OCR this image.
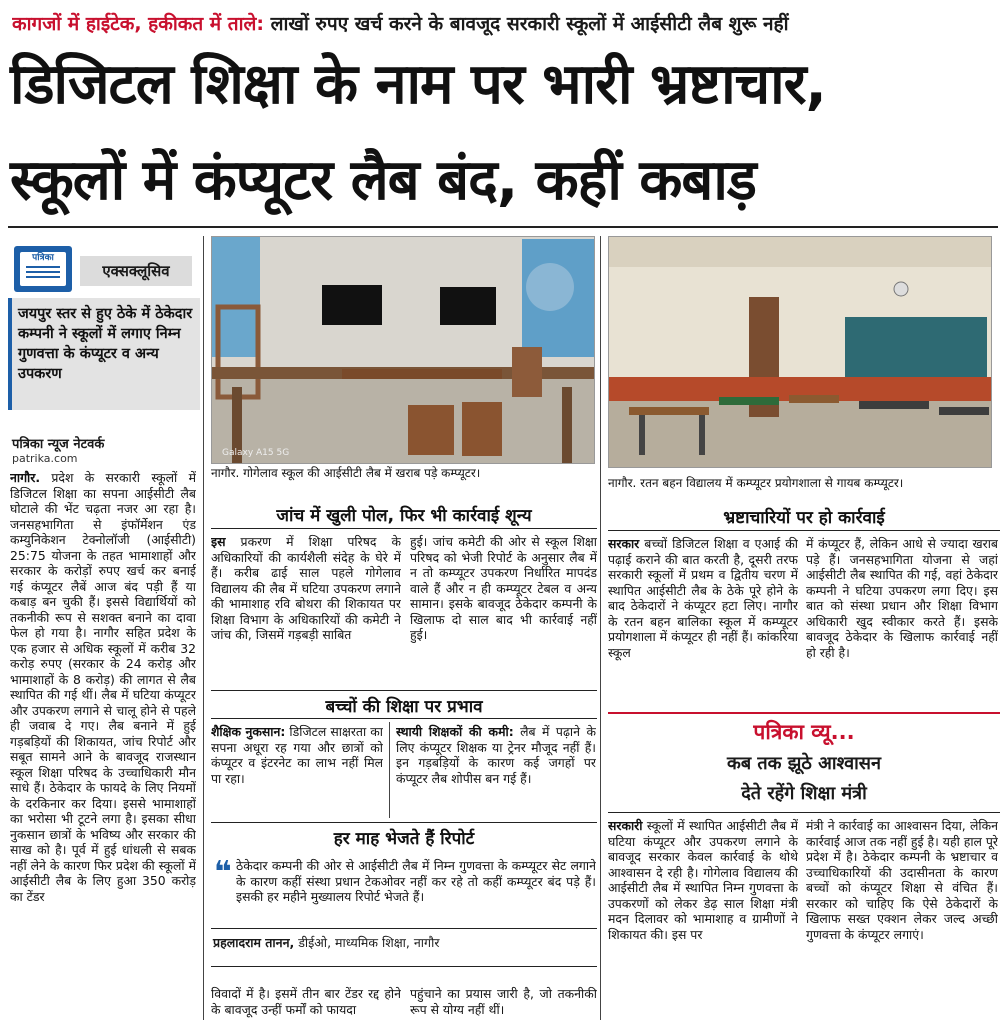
कागजों में हाईटेक, हकीकत में ताले: लाखों रुपए खर्च करने के बावजूद सरकारी स्कूलों में आईसीटी लैब शुरू नहीं
डिजिटल शिक्षा के नाम पर भारी भ्रष्टाचार,
स्कूलों में कंप्यूटर लैब बंद, कहीं कबाड़
पत्रिका
एक्सक्लूसिव
जयपुर स्तर से हुए ठेके में ठेकेदार कम्पनी ने स्कूलों में लगाए निम्न गुणवत्ता के कंप्यूटर व अन्य उपकरण
पत्रिका न्यूज नेटवर्क
patrika.com
नागौर. प्रदेश के सरकारी स्कूलों में डिजिटल शिक्षा का सपना आईसीटी लैब घोटाले की भेंट चढ़ता नजर आ रहा है। जनसहभागिता से इंफॉर्मेशन एंड कम्युनिकेशन टेक्नोलॉजी (आईसीटी) 25:75 योजना के तहत भामाशाहों और सरकार के करोड़ों रुपए खर्च कर बनाई गई कंप्यूटर लैबें आज बंद पड़ी हैं या कबाड़ बन चुकी हैं। इससे विद्यार्थियों को तकनीकी रूप से सशक्त बनाने का दावा फेल हो गया है। नागौर सहित प्रदेश के एक हजार से अधिक स्कूलों में करीब 32 करोड़ रुपए (सरकार के 24 करोड़ और भामाशाहों के 8 करोड़) की लागत से लैब स्थापित की गई थीं। लैब में घटिया कंप्यूटर और उपकरण लगाने से चालू होने से पहले ही जवाब दे गए। लैब बनाने में हुई गड़बड़ियों की शिकायत, जांच रिपोर्ट और सबूत सामने आने के बावजूद राजस्थान स्कूल शिक्षा परिषद के उच्चाधिकारी मौन साधे हैं। ठेकेदार के फायदे के लिए नियमों के दरकिनार कर दिया। इससे भामाशाहों का भरोसा भी टूटने लगा है। इसका सीधा नुकसान छात्रों के भविष्य और सरकार की साख को है। पूर्व में हुई धांधली से सबक नहीं लेने के कारण फिर प्रदेश की स्कूलों में आईसीटी लैब के लिए हुआ 350 करोड़ का टेंडर
Galaxy A15 5G
नागौर. गोगेलाव स्कूल की आईसीटी लैब में खराब पड़े कम्प्यूटर।
नागौर. रतन बहन विद्यालय में कम्प्यूटर प्रयोगशाला से गायब कम्प्यूटर।
जांच में खुली पोल, फिर भी कार्रवाई शून्य
इस प्रकरण में शिक्षा परिषद के अधिकारियों की कार्यशैली संदेह के घेरे में हैं। करीब ढाई साल पहले गोगेलाव विद्यालय की लैब में घटिया उपकरण लगाने की भामाशाह रवि बोथरा की शिकायत पर शिक्षा विभाग के अधिकारियों की कमेटी ने जांच की, जिसमें गड़बड़ी साबित
हुई। जांच कमेटी की ओर से स्कूल शिक्षा परिषद को भेजी रिपोर्ट के अनुसार लैब में न तो कम्प्यूटर उपकरण निर्धारित मापदंड वाले हैं और न ही कम्प्यूटर टेबल व अन्य सामान। इसके बावजूद ठेकेदार कम्पनी के खिलाफ दो साल बाद भी कार्रवाई नहीं हुई।
बच्चों की शिक्षा पर प्रभाव
शैक्षिक नुकसान: डिजिटल साक्षरता का सपना अधूरा रह गया और छात्रों को कंप्यूटर व इंटरनेट का लाभ नहीं मिल पा रहा।
स्थायी शिक्षकों की कमी: लैब में पढ़ाने के लिए कंप्यूटर शिक्षक या ट्रेनर मौजूद नहीं हैं। इन गड़बड़ियों के कारण कई जगहों पर कंप्यूटर लैब शोपीस बन गई हैं।
हर माह भेजते हैं रिपोर्ट
❝ ठेकेदार कम्पनी की ओर से आईसीटी लैब में निम्न गुणवत्ता के कम्प्यूटर सेट लगाने के कारण कहीं संस्था प्रधान टेकओवर नहीं कर रहे तो कहीं कम्प्यूटर बंद पड़े हैं। इसकी हर महीने मुख्यालय रिपोर्ट भेजते हैं।
प्रहलादराम तानन, डीईओ, माध्यमिक शिक्षा, नागौर
विवादों में है। इसमें तीन बार टेंडर रद्द होने के बावजूद उन्हीं फर्मों को फायदा
पहुंचाने का प्रयास जारी है, जो तकनीकी रूप से योग्य नहीं थीं।
भ्रष्टाचारियों पर हो कार्रवाई
सरकार बच्चों डिजिटल शिक्षा व एआई की पढ़ाई कराने की बात करती है, दूसरी तरफ सरकारी स्कूलों में प्रथम व द्वितीय चरण में स्थापित आईसीटी लैब के ठेके पूरे होने के बाद ठेकेदारों ने कंप्यूटर हटा लिए। नागौर के रतन बहन बालिका स्कूल में कम्प्यूटर प्रयोगशाला में कंप्यूटर ही नहीं हैं। कांकरिया स्कूल
में कंप्यूटर हैं, लेकिन आधे से ज्यादा खराब पड़े हैं। जनसहभागिता योजना से जहां आईसीटी लैब स्थापित की गई, वहां ठेकेदार कम्पनी ने घटिया उपकरण लगा दिए। इस बात को संस्था प्रधान और शिक्षा विभाग अधिकारी खुद स्वीकार करते हैं। इसके बावजूद ठेकेदार के खिलाफ कार्रवाई नहीं हो रही है।
पत्रिका व्यू...
कब तक झूठे आश्वासन
देते रहेंगे शिक्षा मंत्री
सरकारी स्कूलों में स्थापित आईसीटी लैब में घटिया कंप्यूटर और उपकरण लगाने के बावजूद सरकार केवल कार्रवाई के थोथे आश्वासन दे रही है। गोगेलाव विद्यालय की आईसीटी लैब में स्थापित निम्न गुणवत्ता के उपकरणों को लेकर डेढ़ साल शिक्षा मंत्री मदन दिलावर को भामाशाह व ग्रामीणों ने शिकायत की। इस पर
मंत्री ने कार्रवाई का आश्वासन दिया, लेकिन कार्रवाई आज तक नहीं हुई है। यही हाल पूरे प्रदेश में है। ठेकेदार कम्पनी के भ्रष्टाचार व उच्चाधिकारियों की उदासीनता के कारण बच्चों को कंप्यूटर शिक्षा से वंचित हैं। सरकार को चाहिए कि ऐसे ठेकेदारों के खिलाफ सख्त एक्शन लेकर जल्द अच्छी गुणवत्ता के कंप्यूटर लगाएं।
